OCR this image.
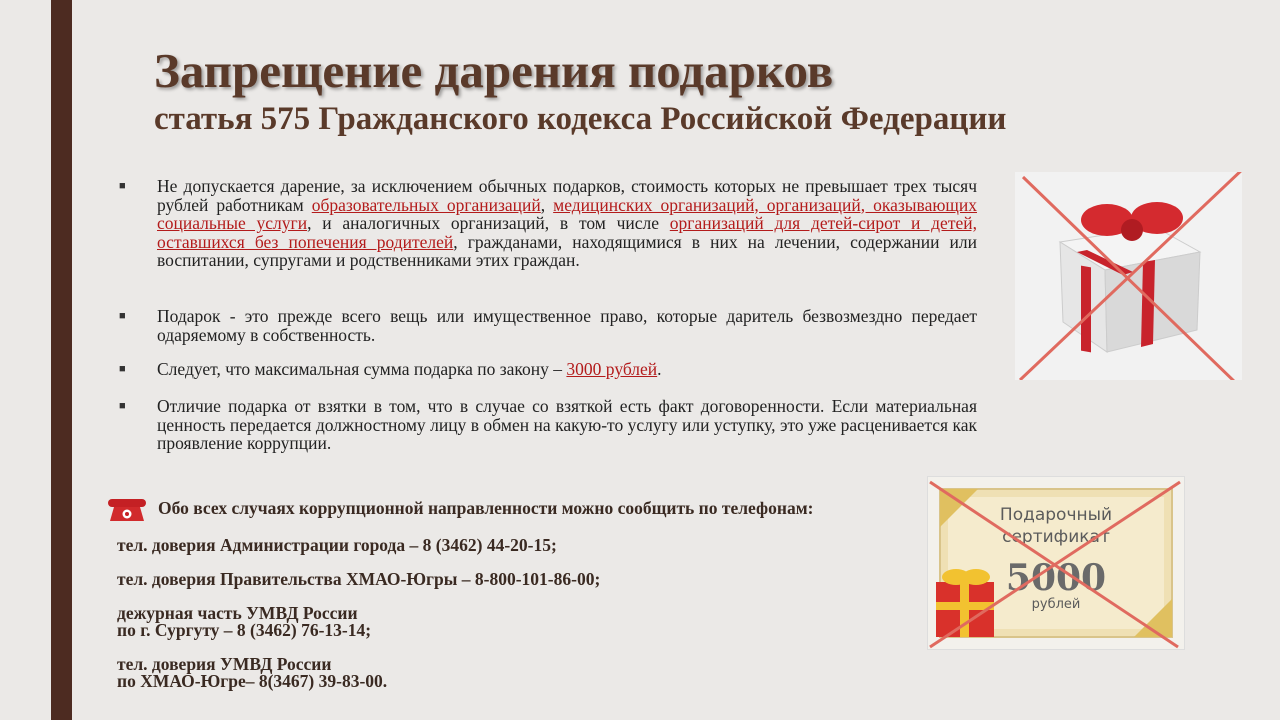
Запрещение дарения подарков
статья 575 Гражданского кодекса Российской Федерации
■ Не допускается дарение, за исключением обычных подарков, стоимость которых не превышает трех тысяч рублей работникам образовательных организаций, медицинских организаций, организаций, оказывающих социальные услуги, и аналогичных организаций, в том числе организаций для детей-сирот и детей, оставшихся без попечения родителей, гражданами, находящимися в них на лечении, содержании или воспитании, супругами и родственниками этих граждан.
■ Подарок - это прежде всего вещь или имущественное право, которые даритель безвозмездно передает одаряемому в собственность.
■ Следует, что максимальная сумма подарка по закону – 3000 рублей.
■ Отличие подарка от взятки в том, что в случае со взяткой есть факт договоренности. Если материальная ценность передается должностному лицу в обмен на какую-то услугу или уступку, это уже расценивается как проявление коррупции.
Обо всех случаях коррупционной направленности можно сообщить по телефонам:
тел. доверия Администрации города – 8 (3462) 44-20-15;
тел. доверия Правительства ХМАО-Югры – 8-800-101-86-00;
дежурная часть УМВД России
по г. Сургуту – 8 (3462) 76-13-14;
тел. доверия УМВД России
по ХМАО-Югре– 8(3467) 39-83-00.
Подарочный
сертификат
5000
рублей
